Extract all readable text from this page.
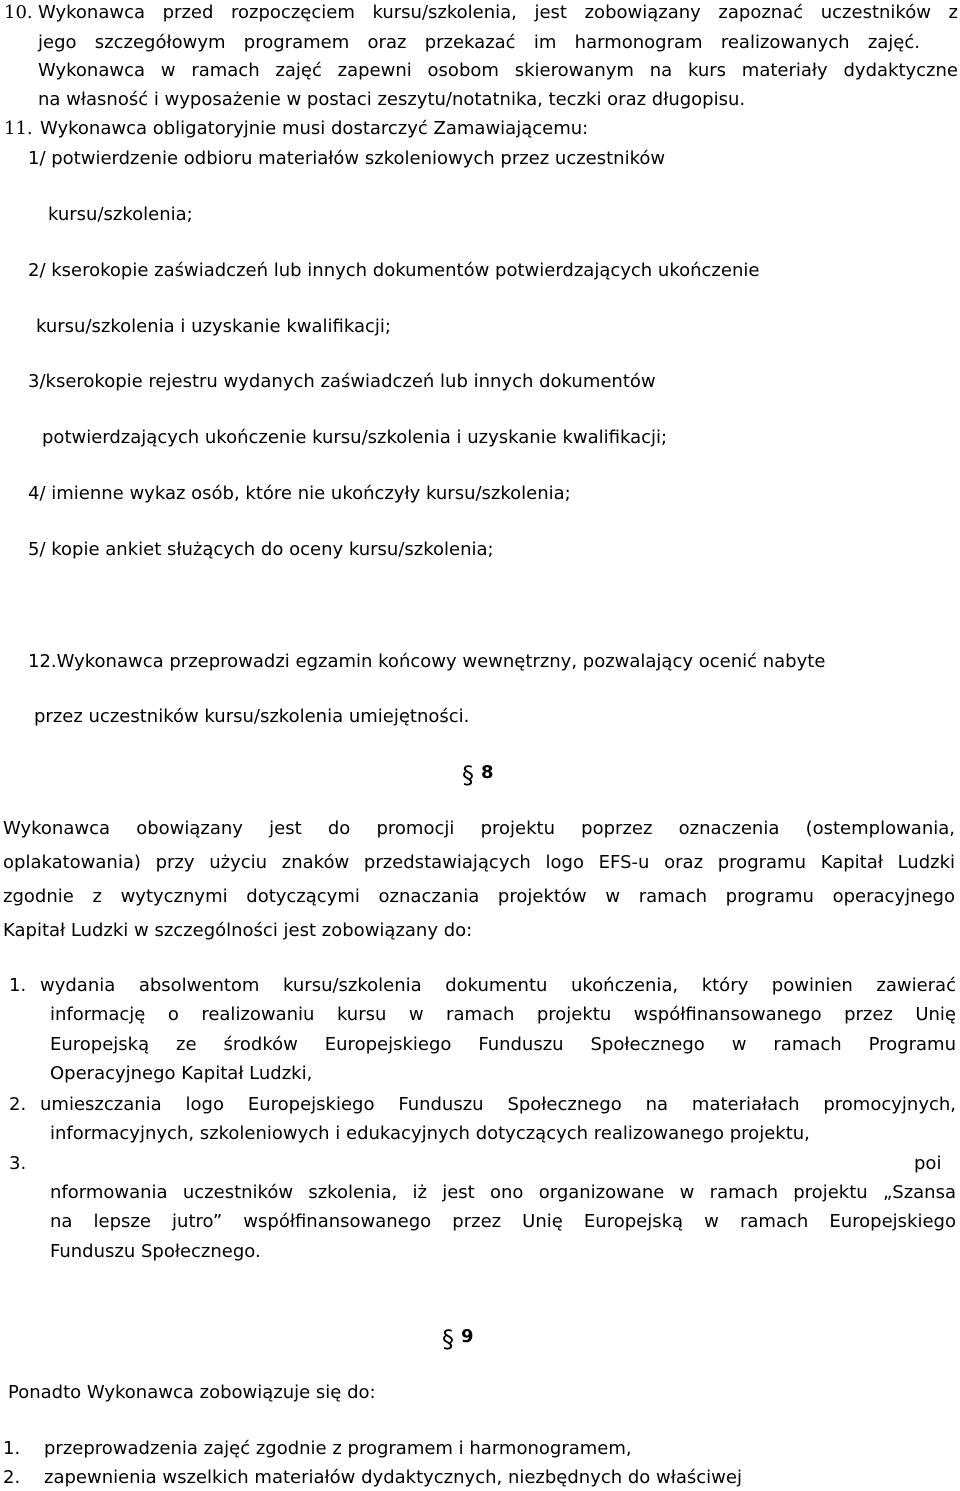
10. Wykonawca przed rozpoczęciem kursu/szkolenia, jest zobowiązany zapoznać uczestników z
jego szczegółowym programem oraz przekazać im harmonogram realizowanych zajęć.
Wykonawca w ramach zajęć zapewni osobom skierowanym na kurs materiały dydaktyczne
na własność i wyposażenie w postaci zeszytu/notatnika, teczki oraz długopisu.
11. Wykonawca obligatoryjnie musi dostarczyć Zamawiającemu:
1/ potwierdzenie odbioru materiałów szkoleniowych przez uczestników
kursu/szkolenia;
2/ kserokopie zaświadczeń lub innych dokumentów potwierdzających ukończenie
kursu/szkolenia i uzyskanie kwalifikacji;
3/kserokopie rejestru wydanych zaświadczeń lub innych dokumentów
potwierdzających ukończenie kursu/szkolenia i uzyskanie kwalifikacji;
4/ imienne wykaz osób, które nie ukończyły kursu/szkolenia;
5/ kopie ankiet służących do oceny kursu/szkolenia;
12.Wykonawca przeprowadzi egzamin końcowy wewnętrzny, pozwalający ocenić nabyte
przez uczestników kursu/szkolenia umiejętności.
§ 8
Wykonawca obowiązany jest do promocji projektu poprzez oznaczenia (ostemplowania,
oplakatowania) przy użyciu znaków przedstawiających logo EFS-u oraz programu Kapitał Ludzki
zgodnie z wytycznymi dotyczącymi oznaczania projektów w ramach programu operacyjnego
Kapitał Ludzki w szczególności jest zobowiązany do:
1. wydania absolwentom kursu/szkolenia dokumentu ukończenia, który powinien zawierać
informację o realizowaniu kursu w ramach projektu współfinansowanego przez Unię
Europejską ze środków Europejskiego Funduszu Społecznego w ramach Programu
Operacyjnego Kapitał Ludzki,
2. umieszczania logo Europejskiego Funduszu Społecznego na materiałach promocyjnych,
informacyjnych, szkoleniowych i edukacyjnych dotyczących realizowanego projektu,
3.	poi
nformowania uczestników szkolenia, iż jest ono organizowane w ramach projektu „Szansa
na lepsze jutro” współfinansowanego przez Unię Europejską w ramach Europejskiego
Funduszu Społecznego.
§ 9
Ponadto Wykonawca zobowiązuje się do:
1. przeprowadzenia zajęć zgodnie z programem i harmonogramem,
2. zapewnienia wszelkich materiałów dydaktycznych, niezbędnych do właściwej
